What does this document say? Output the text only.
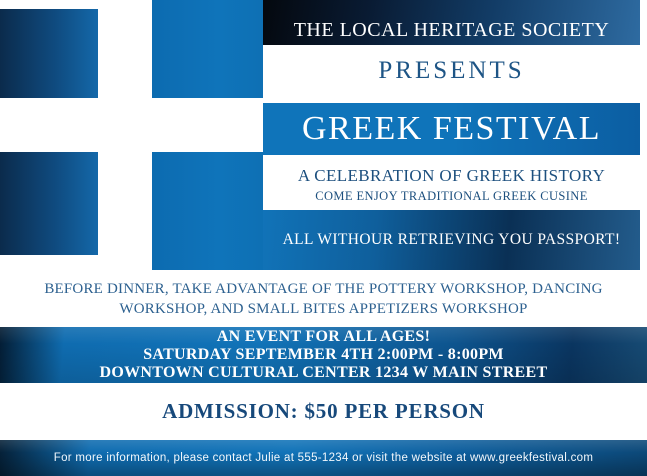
THE LOCAL HERITAGE SOCIETY
PRESENTS
GREEK FESTIVAL
A CELEBRATION OF GREEK HISTORY
COME ENJOY TRADITIONAL GREEK CUSINE
ALL WITHOUR RETRIEVING YOU PASSPORT!
BEFORE DINNER, TAKE ADVANTAGE OF THE POTTERY WORKSHOP, DANCING
WORKSHOP, AND SMALL BITES APPETIZERS WORKSHOP
AN EVENT FOR ALL AGES!
SATURDAY SEPTEMBER 4TH 2:00PM - 8:00PM
DOWNTOWN CULTURAL CENTER 1234 W MAIN STREET
ADMISSION: $50 PER PERSON
For more information, please contact Julie at 555-1234 or visit the website at www.greekfestival.com
